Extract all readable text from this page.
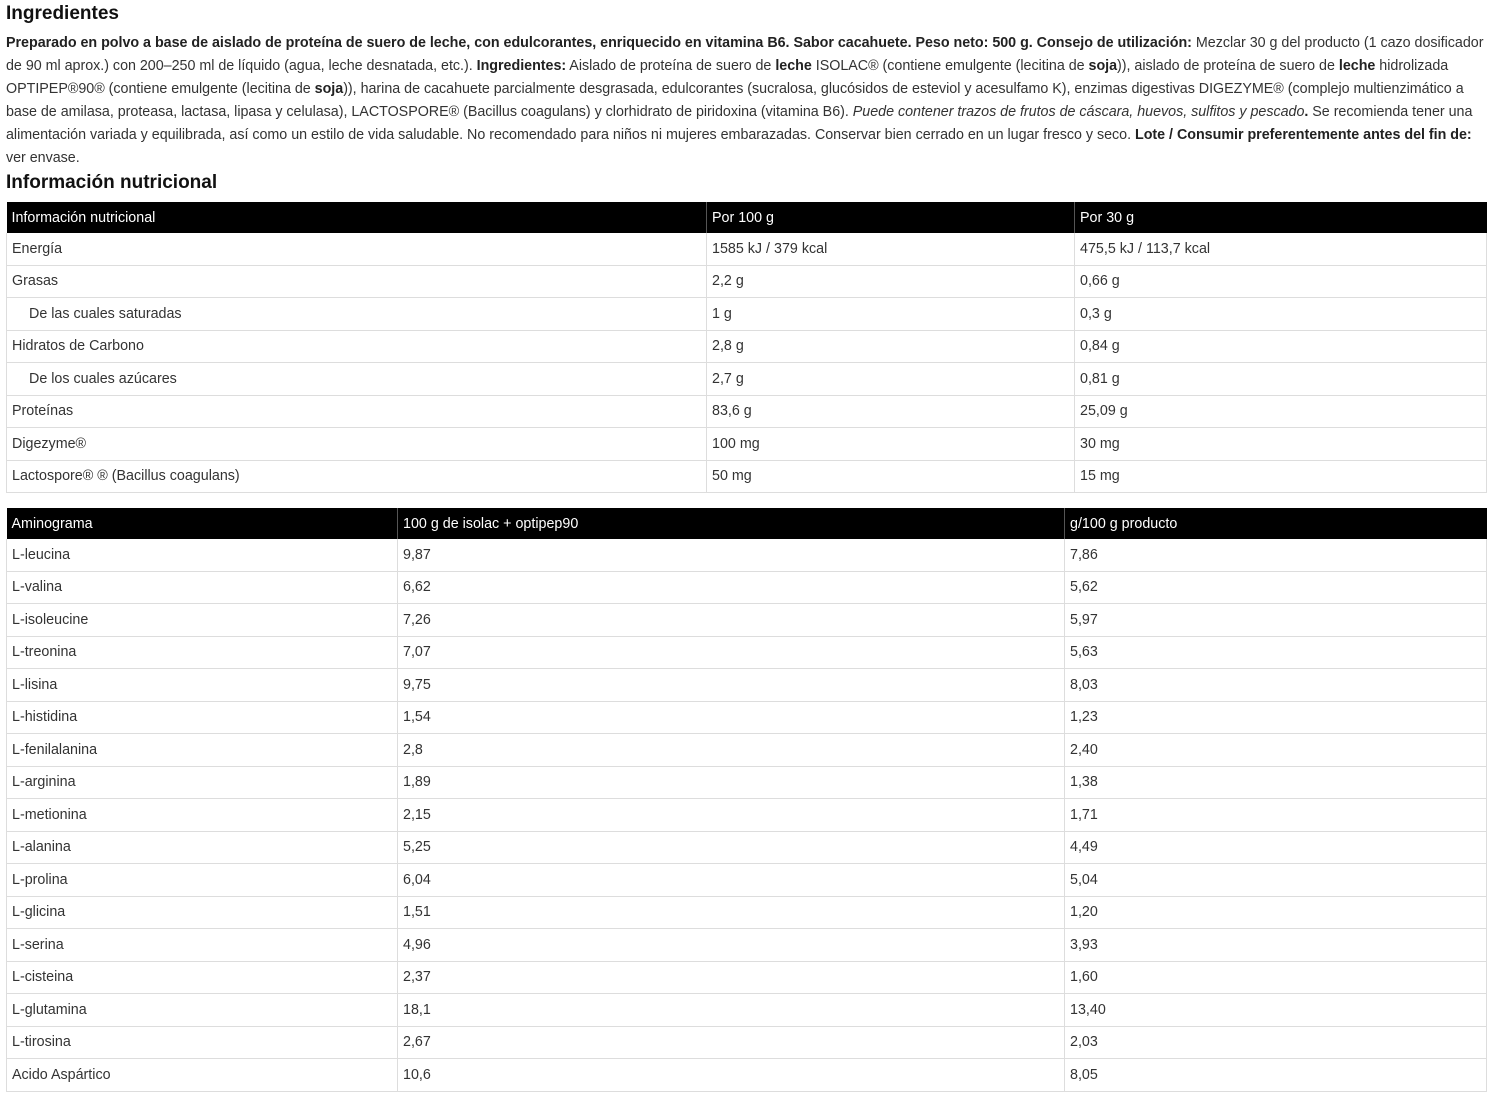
Ingredientes

Preparado en polvo a base de aislado de proteína de suero de leche, con edulcorantes, enriquecido en vitamina B6. Sabor cacahuete. Peso neto: 500 g. Consejo de utilización: Mezclar 30 g del producto (1 cazo dosificador de 90 ml aprox.) con 200–250 ml de líquido (agua, leche desnatada, etc.). Ingredientes: Aislado de proteína de suero de leche ISOLAC® (contiene emulgente (lecitina de soja)), aislado de proteína de suero de leche hidrolizada OPTIPEP®90® (contiene emulgente (lecitina de soja)), harina de cacahuete parcialmente desgrasada, edulcorantes (sucralosa, glucósidos de esteviol y acesulfamo K), enzimas digestivas DIGEZYME® (complejo multienzimático a base de amilasa, proteasa, lactasa, lipasa y celulasa), LACTOSPORE® (Bacillus coagulans) y clorhidrato de piridoxina (vitamina B6). Puede contener trazos de frutos de cáscara, huevos, sulfitos y pescado. Se recomienda tener una alimentación variada y equilibrada, así como un estilo de vida saludable. No recomendado para niños ni mujeres embarazadas. Conservar bien cerrado en un lugar fresco y seco. Lote / Consumir preferentemente antes del fin de: ver envase.

Información nutricional
Información nutricional	Por 100 g	Por 30 g
Energía	1585 kJ / 379 kcal	475,5 kJ / 113,7 kcal
Grasas	2,2 g	0,66 g
De las cuales saturadas	1 g	0,3 g
Hidratos de Carbono	2,8 g	0,84 g
De los cuales azúcares	2,7 g	0,81 g
Proteínas	83,6 g	25,09 g
Digezyme®	100 mg	30 mg
Lactospore® ® (Bacillus coagulans)	50 mg	15 mg
Aminograma	100 g de isolac + optipep90	g/100 g producto
L-leucina	9,87	7,86
L-valina	6,62	5,62
L-isoleucine	7,26	5,97
L-treonina	7,07	5,63
L-lisina	9,75	8,03
L-histidina	1,54	1,23
L-fenilalanina	2,8	2,40
L-arginina	1,89	1,38
L-metionina	2,15	1,71
L-alanina	5,25	4,49
L-prolina	6,04	5,04
L-glicina	1,51	1,20
L-serina	4,96	3,93
L-cisteina	2,37	1,60
L-glutamina	18,1	13,40
L-tirosina	2,67	2,03
Acido Aspártico	10,6	8,05
